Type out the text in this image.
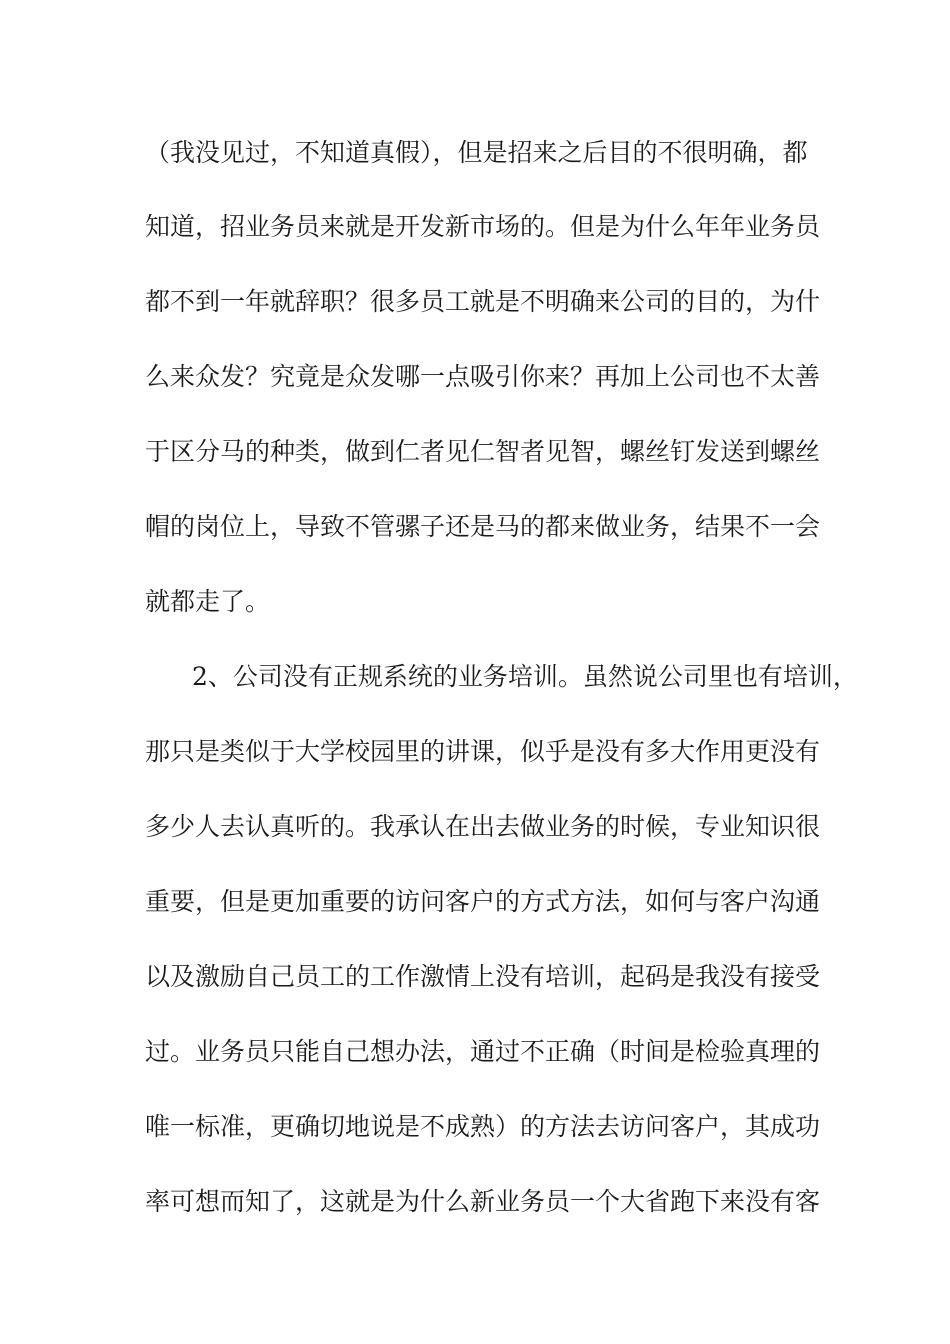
（我没见过，不知道真假），但是招来之后目的不很明确，都
知道，招业务员来就是开发新市场的。但是为什么年年业务员
都不到一年就辞职？很多员工就是不明确来公司的目的，为什
么来众发？究竟是众发哪一点吸引你来？再加上公司也不太善
于区分马的种类，做到仁者见仁智者见智，螺丝钉发送到螺丝
帽的岗位上，导致不管骡子还是马的都来做业务，结果不一会
就都走了。
2、公司没有正规系统的业务培训。虽然说公司里也有培训，
那只是类似于大学校园里的讲课，似乎是没有多大作用更没有
多少人去认真听的。我承认在出去做业务的时候，专业知识很
重要，但是更加重要的访问客户的方式方法，如何与客户沟通
以及激励自己员工的工作激情上没有培训，起码是我没有接受
过。业务员只能自己想办法，通过不正确（时间是检验真理的
唯一标准，更确切地说是不成熟）的方法去访问客户，其成功
率可想而知了，这就是为什么新业务员一个大省跑下来没有客
